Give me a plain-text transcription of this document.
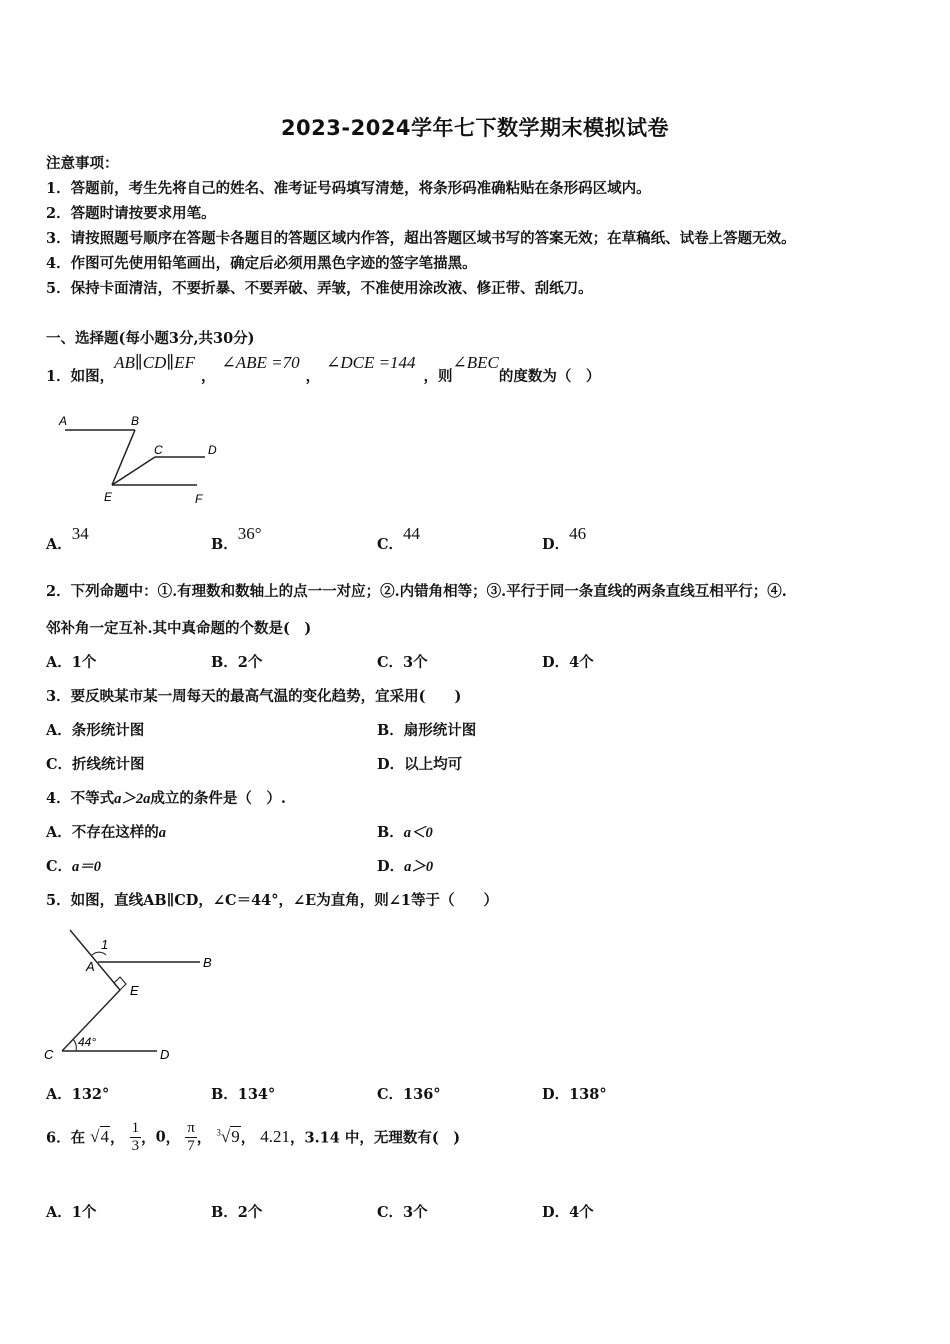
2023-2024学年七下数学期末模拟试卷
注意事项：
1．答题前，考生先将自己的姓名、准考证号码填写清楚，将条形码准确粘贴在条形码区域内。
2．答题时请按要求用笔。
3．请按照题号顺序在答题卡各题目的答题区域内作答，超出答题区域书写的答案无效；在草稿纸、试卷上答题无效。
4．作图可先使用铅笔画出，确定后必须用黑色字迹的签字笔描黑。
5．保持卡面清洁，不要折暴、不要弄破、弄皱，不准使用涂改液、修正带、刮纸刀。
一、选择题(每小题3分,共30分)
1．如图，AB∥CD∥EF，∠ABE =70，∠DCE =144，则∠BEC的度数为（　）
A	B
C	D
E	F
A．34
B．36°
C．44
D．46
2．下列命题中：①.有理数和数轴上的点一一对应；②.内错角相等；③.平行于同一条直线的两条直线互相平行；④.
邻补角一定互补.其中真命题的个数是(　)
A．1个	B．2个	C．3个	D．4个
3．要反映某市某一周每天的最高气温的变化趋势，宜采用(　　)
A．条形统计图	B．扇形统计图
C．折线统计图	D．以上均可
4．不等式a＞2a成立的条件是（　）.
A．不存在这样的a	B．a＜0
C．a＝0	D．a＞0
5．如图，直线AB∥CD，∠C＝44°，∠E为直角，则∠1等于（　　）
1
A	B
E
C	D
44°
A．132°	B．134°	C．136°	D．138°
6．在 √4， $\frac{1}{3}$ ，0， $\frac{\pi}{7}$ ， $^3$√9， 4.21，3.14 中，无理数有(　)
A．1个	B．2个	C．3个	D．4个
